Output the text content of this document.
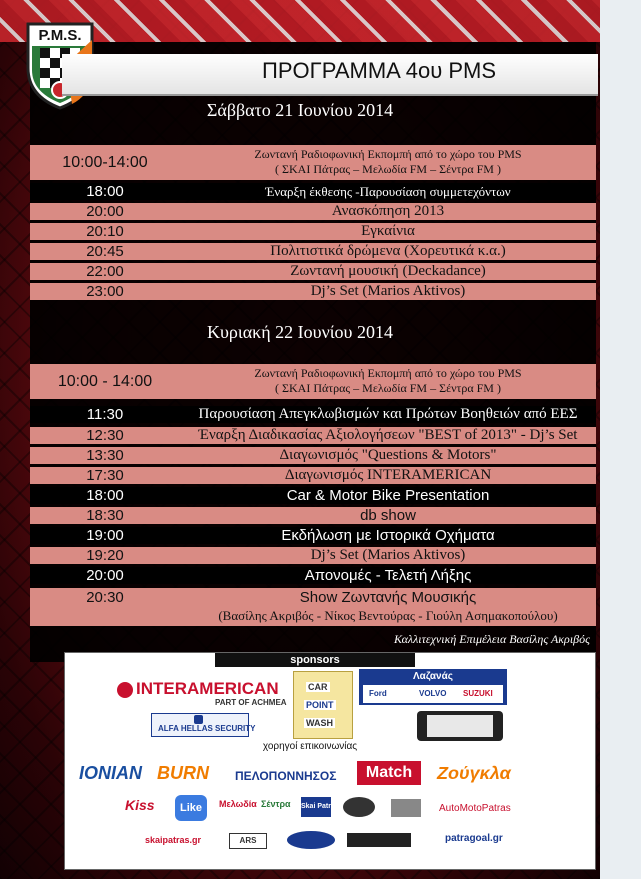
P.M.S.
ΠΡΟΓΡΑΜΜΑ 4ου PMS
Σάββατο 21 Ιουνίου 2014
10:00-14:00	Ζωντανή Ραδιοφωνική Εκπομπή από το χώρο του PMS
( ΣΚΑΙ Πάτρας – Μελωδία FM – Σέντρα FM )
18:00	Έναρξη έκθεσης -Παρουσίαση συμμετεχόντων
20:00	Ανασκόπηση 2013
20:10	Εγκαίνια
20:45	Πολιτιστικά δρώμενα (Χορευτικά κ.α.)
22:00	Ζωντανή μουσική (Deckadance)
23:00	Dj’s Set (Marios Aktivos)
Κυριακή 22 Ιουνίου 2014
10:00 - 14:00	Ζωντανή Ραδιοφωνική Εκπομπή από το χώρο του PMS
( ΣΚΑΙ Πάτρας – Μελωδία FM – Σέντρα FM )
11:30	Παρουσίαση Απεγκλωβισμών και Πρώτων Βοηθειών από ΕΕΣ
12:30	Έναρξη Διαδικασίας Αξιολογήσεων "BEST of 2013" - Dj’s Set
13:30	Διαγωνισμός "Questions & Motors"
17:30	Διαγωνισμός INTERAMERICAN
18:00	Car & Motor Bike Presentation
18:30	db show
19:00	Εκδήλωση με Ιστορικά Οχήματα
19:20	Dj’s Set (Marios Aktivos)
20:00	Απονομές - Τελετή Λήξης
20:30	Show Ζωντανής Μουσικής
(Βασίλης Ακριβός - Νίκος Βεντούρας - Γιούλη Ασημακοπούλου)
Καλλιτεχνική Επιμέλεια Βασίλης Ακριβός
sponsors
INTERAMERICAN
PART OF ACHMEA
ALFA HELLAS SECURITY
CAR
POINT
WASH
Λαζανάς
Ford	VOLVO SUZUKI
χορηγοί επικοινωνίας
IONIAN BURN ΠΕΛΟΠΟΝΝΗΣΟΣ	Match	Ζούγκλα
Kiss	Like	Μελωδία Σέντρα Skai Patras	AutoMotoPatras
skaipatras.gr	ARS	patragoal.gr
